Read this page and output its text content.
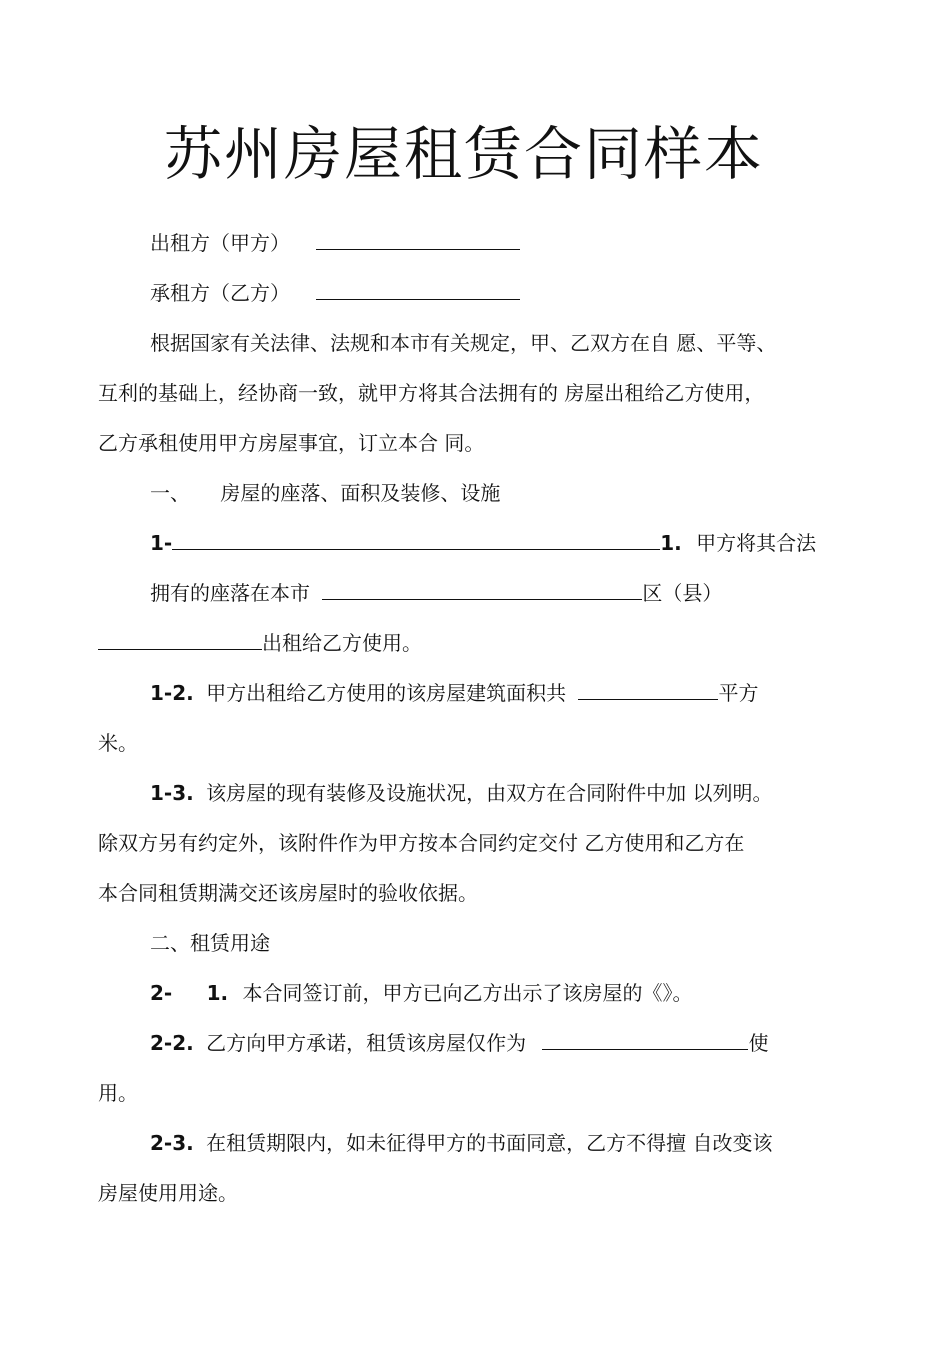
苏州房屋租赁合同样本
出租方（甲方）
承租方（乙方）
根据国家有关法律、法规和本市有关规定，甲、乙双方在自 愿、平等、
互利的基础上，经协商一致，就甲方将其合法拥有的 房屋出租给乙方使用，
乙方承租使用甲方房屋事宜，订立本合 同。
一、 房屋的座落、面积及装修、设施
1-	1. 甲方将其合法
拥有的座落在本市	区（县）
出租给乙方使用。
1-2. 甲方出租给乙方使用的该房屋建筑面积共	平方
米。
1-3. 该房屋的现有装修及设施状况，由双方在合同附件中加 以列明。
除双方另有约定外，该附件作为甲方按本合同约定交付 乙方使用和乙方在
本合同租赁期满交还该房屋时的验收依据。
二、租赁用途
2- 1. 本合同签订前，甲方已向乙方出示了该房屋的《》。
2-2. 乙方向甲方承诺，租赁该房屋仅作为	使
用。
2-3. 在租赁期限内，如未征得甲方的书面同意，乙方不得擅 自改变该
房屋使用用途。
